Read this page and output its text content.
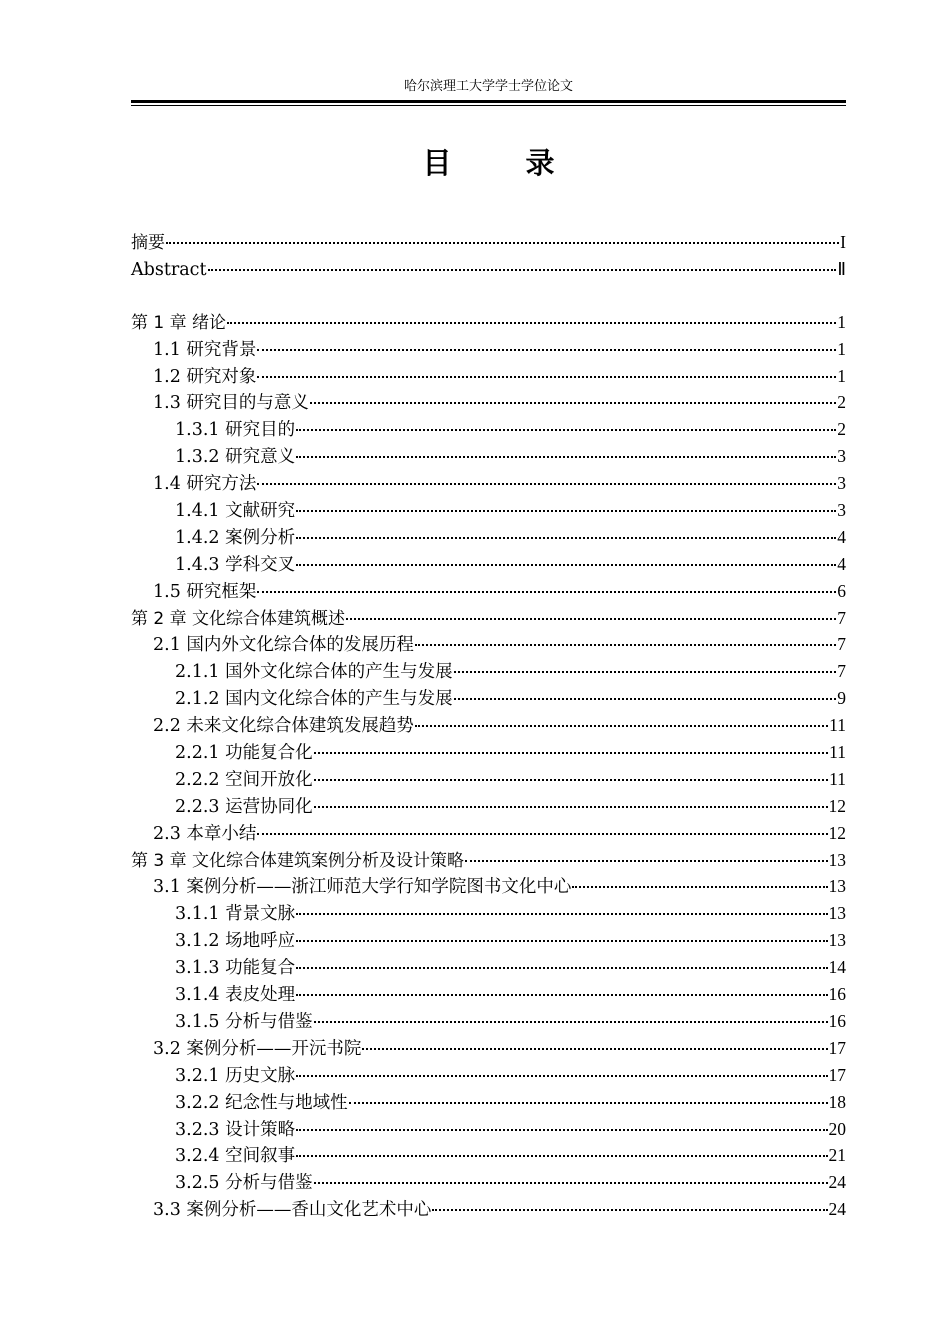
哈尔滨理工大学学士学位论文
目 录
摘要	I
Abstract	Ⅱ
第 1 章 绪论	1
1.1 研究背景	1
1.2 研究对象	1
1.3 研究目的与意义	2
1.3.1 研究目的	2
1.3.2 研究意义	3
1.4 研究方法	3
1.4.1 文献研究	3
1.4.2 案例分析	4
1.4.3 学科交叉	4
1.5 研究框架	6
第 2 章 文化综合体建筑概述	7
2.1 国内外文化综合体的发展历程	7
2.1.1 国外文化综合体的产生与发展	7
2.1.2 国内文化综合体的产生与发展	9
2.2 未来文化综合体建筑发展趋势	11
2.2.1 功能复合化	11
2.2.2 空间开放化	11
2.2.3 运营协同化	12
2.3 本章小结	12
第 3 章 文化综合体建筑案例分析及设计策略	13
3.1 案例分析——浙江师范大学行知学院图书文化中心	13
3.1.1 背景文脉	13
3.1.2 场地呼应	13
3.1.3 功能复合	14
3.1.4 表皮处理	16
3.1.5 分析与借鉴	16
3.2 案例分析——开沅书院	17
3.2.1 历史文脉	17
3.2.2 纪念性与地域性	18
3.2.3 设计策略	20
3.2.4 空间叙事	21
3.2.5 分析与借鉴	24
3.3 案例分析——香山文化艺术中心	24
